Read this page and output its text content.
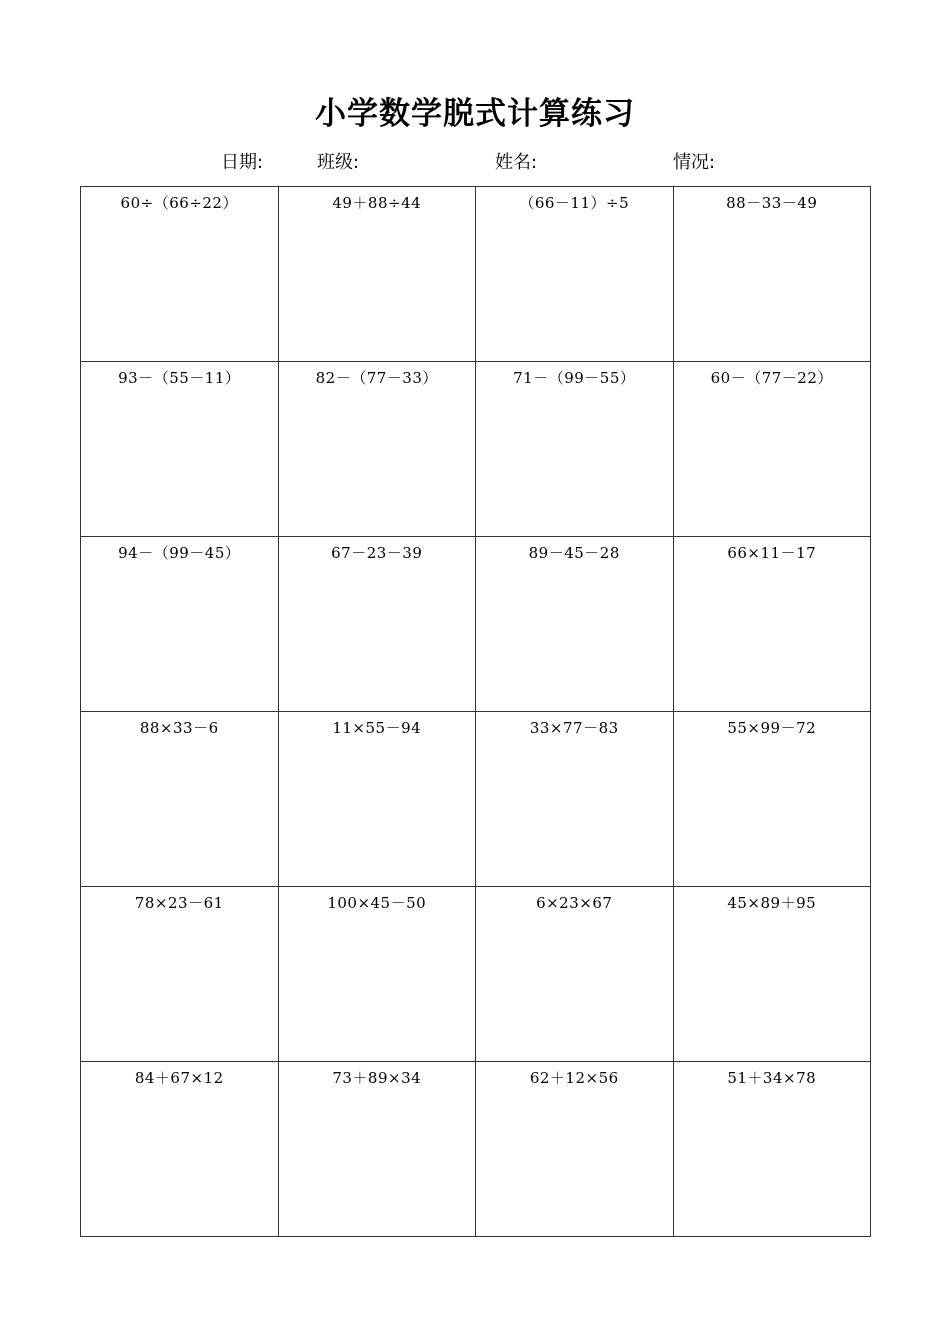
小学数学脱式计算练习
日期:	班级:	姓名:	情况:
60÷（66÷22）	49＋88÷44	（66－11）÷5	88－33－49
93－（55－11）	82－（77－33）	71－（99－55）	60－（77－22）
94－（99－45）	67－23－39	89－45－28	66×11－17
88×33－6	11×55－94	33×77－83	55×99－72
78×23－61	100×45－50	6×23×67	45×89＋95
84＋67×12	73＋89×34	62＋12×56	51＋34×78
